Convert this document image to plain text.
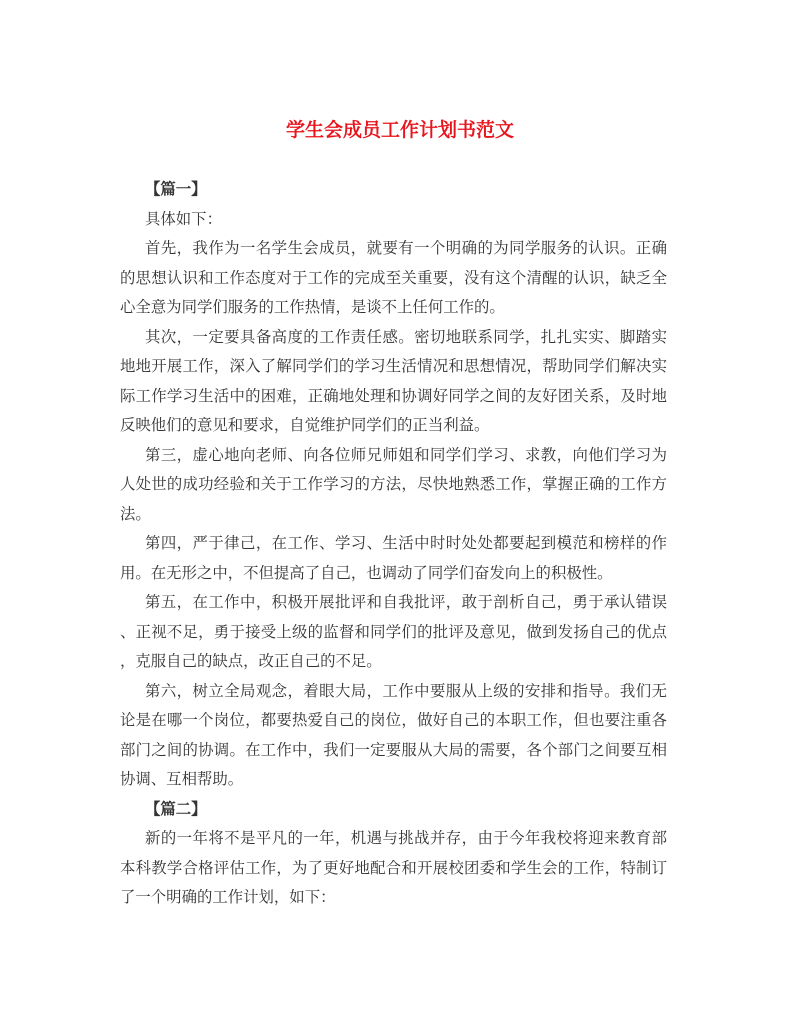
学生会成员工作计划书范文
【篇一】
具体如下：
首先，我作为一名学生会成员，就要有一个明确的为同学服务的认识。正确
的思想认识和工作态度对于工作的完成至关重要，没有这个清醒的认识，缺乏全
心全意为同学们服务的工作热情，是谈不上任何工作的。
其次，一定要具备高度的工作责任感。密切地联系同学，扎扎实实、脚踏实
地地开展工作，深入了解同学们的学习生活情况和思想情况，帮助同学们解决实
际工作学习生活中的困难，正确地处理和协调好同学之间的友好团关系，及时地
反映他们的意见和要求，自觉维护同学们的正当利益。
第三，虚心地向老师、向各位师兄师姐和同学们学习、求教，向他们学习为
人处世的成功经验和关于工作学习的方法，尽快地熟悉工作，掌握正确的工作方
法。
第四，严于律己，在工作、学习、生活中时时处处都要起到模范和榜样的作
用。在无形之中，不但提高了自己，也调动了同学们奋发向上的积极性。
第五，在工作中，积极开展批评和自我批评，敢于剖析自己，勇于承认错误
、正视不足，勇于接受上级的监督和同学们的批评及意见，做到发扬自己的优点
，克服自己的缺点，改正自己的不足。
第六，树立全局观念，着眼大局，工作中要服从上级的安排和指导。我们无
论是在哪一个岗位，都要热爱自己的岗位，做好自己的本职工作，但也要注重各
部门之间的协调。在工作中，我们一定要服从大局的需要，各个部门之间要互相
协调、互相帮助。
【篇二】
新的一年将不是平凡的一年，机遇与挑战并存，由于今年我校将迎来教育部
本科教学合格评估工作，为了更好地配合和开展校团委和学生会的工作，特制订
了一个明确的工作计划，如下：
